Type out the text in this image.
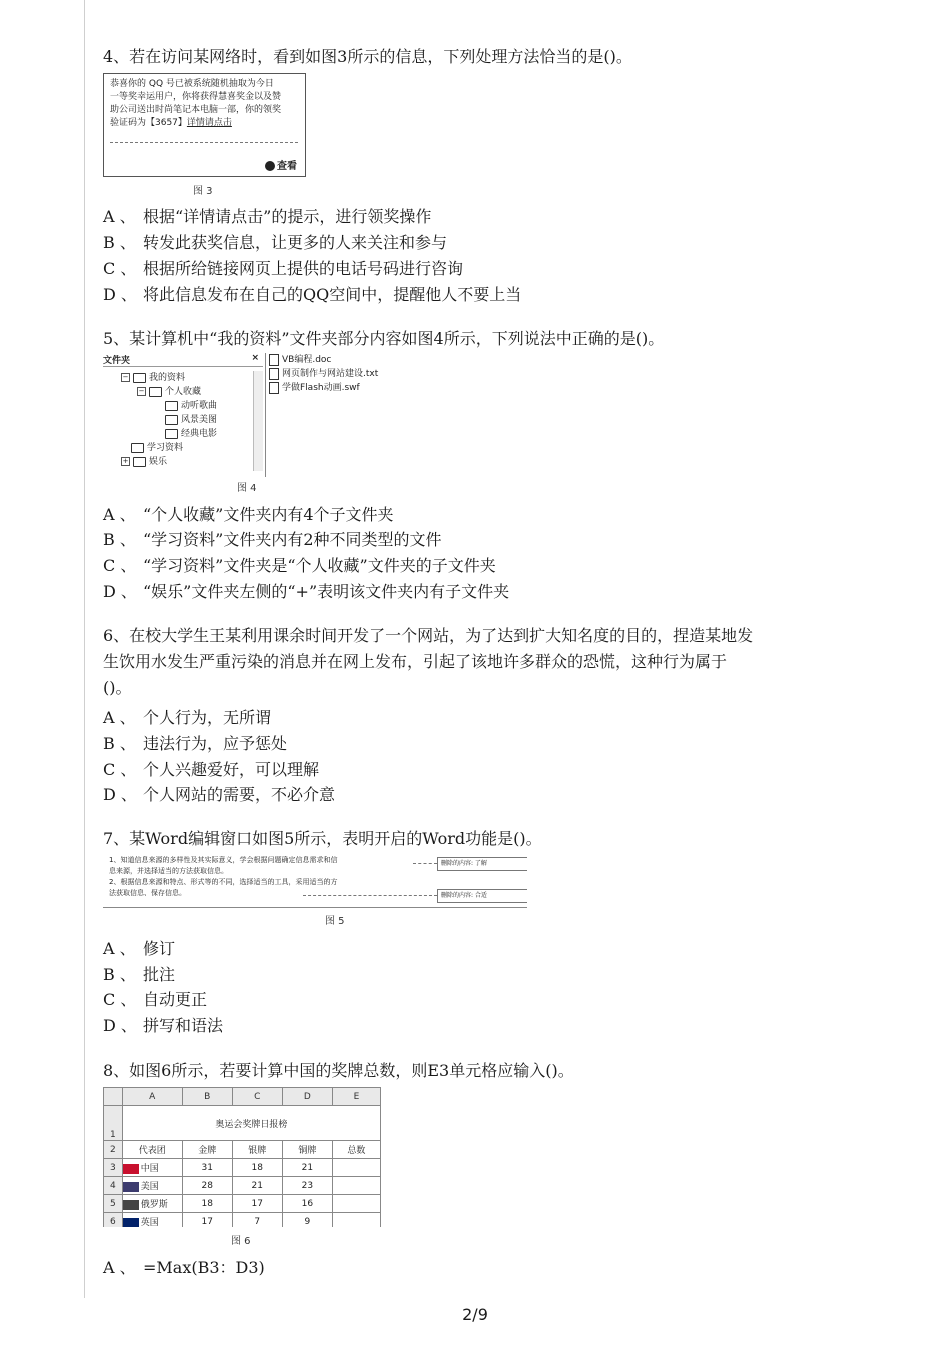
4、若在访问某网络时，看到如图3所示的信息，下列处理方法恰当的是()。
恭喜你的 QQ 号已被系统随机抽取为今日
一等奖幸运用户，你将获得慧喜奖金以及赞
助公司送出时尚笔记本电脑一部，你的领奖
验证码为【3657】详情请点击
查看
图 3
A 、 根据“详情请点击”的提示，进行领奖操作
B 、 转发此获奖信息，让更多的人来关注和参与
C 、 根据所给链接网页上提供的电话号码进行咨询
D 、 将此信息发布在自己的QQ空间中，提醒他人不要上当
5、某计算机中“我的资料”文件夹部分内容如图4所示，下列说法中正确的是()。
文件夹	×
− 我的资料
− 个人收藏
动听歌曲
风景美图
经典电影
学习资料
+ 娱乐
VB编程.doc
网页制作与网站建设.txt
学做Flash动画.swf
图 4
A 、 “个人收藏”文件夹内有4个子文件夹
B 、 “学习资料”文件夹内有2种不同类型的文件
C 、 “学习资料”文件夹是“个人收藏”文件夹的子文件夹
D 、 “娱乐”文件夹左侧的“+”表明该文件夹内有子文件夹
6、在校大学生王某利用课余时间开发了一个网站，为了达到扩大知名度的目的，捏造某地发
生饮用水发生严重污染的消息并在网上发布，引起了该地许多群众的恐慌，这种行为属于
()。
A 、 个人行为，无所谓
B 、 违法行为，应予惩处
C 、 个人兴趣爱好，可以理解
D 、 个人网站的需要，不必介意
7、某Word编辑窗口如图5所示，表明开启的Word功能是()。
1、知道信息来源的多样性及其实际意义，学会根据问题确定信息需求和信
息来源，并选择适当的方法获取信息。
2、根据信息来源和特点、形式等的不同，选择适当的工具，采用适当的方
法获取信息、保存信息。
删除的内容: 了解
删除的内容: 合适
图 5
A 、 修订
B 、 批注
C 、 自动更正
D 、 拼写和语法
8、如图6所示，若要计算中国的奖牌总数，则E3单元格应输入()。
	A	B	C	D	E
1	奥运会奖牌日报榜				
2	代表团	金牌	银牌	铜牌	总数
3	中国	31	18	21	
4	美国	28	21	23	
5	俄罗斯	18	17	16	
6	英国	17	7	9	
图 6
A 、 =Max(B3：D3)
2/9
